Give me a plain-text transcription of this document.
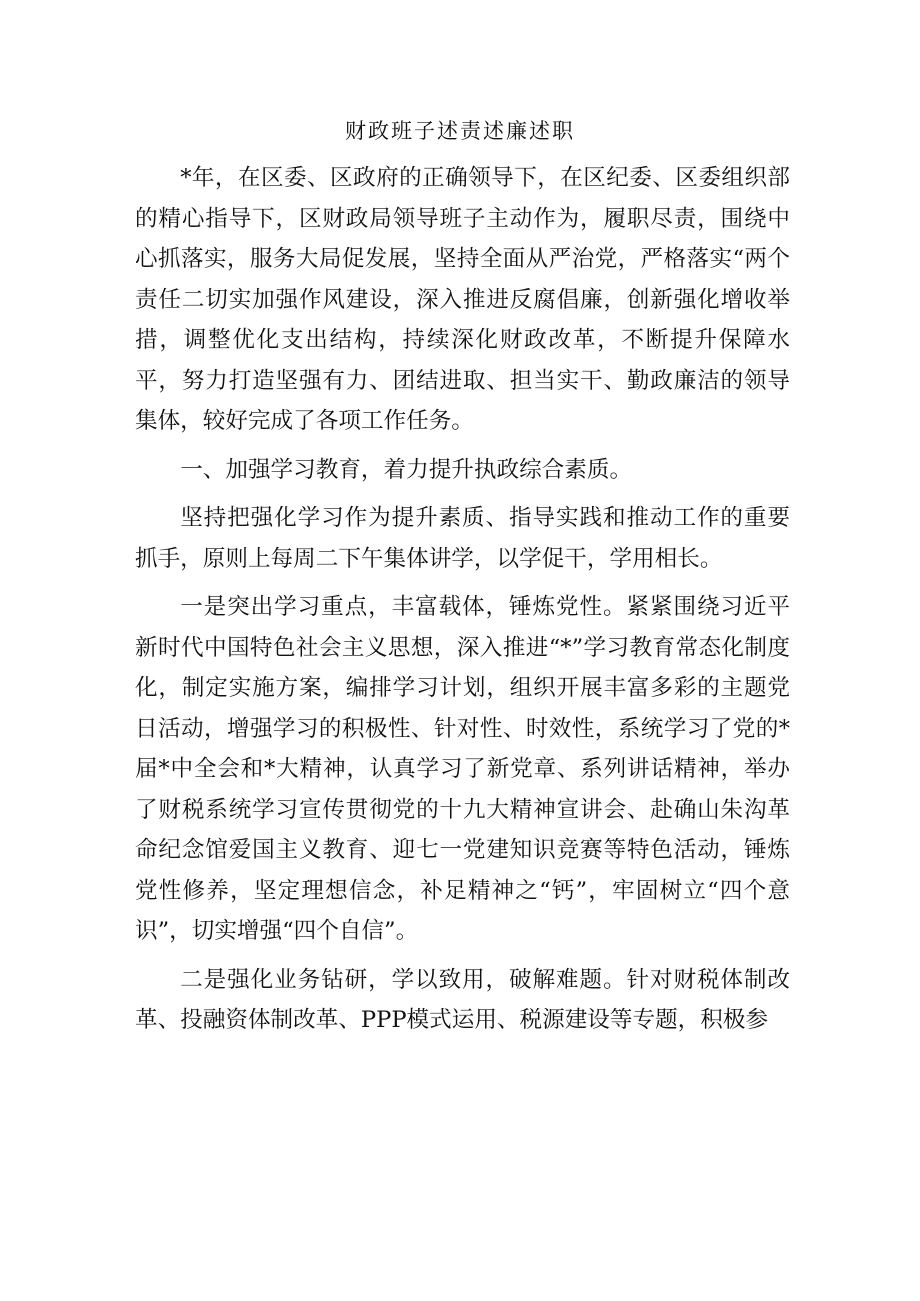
财政班子述责述廉述职

*年，在区委、区政府的正确领导下，在区纪委、区委组织部的精心指导下，区财政局领导班子主动作为，履职尽责，围绕中心抓落实，服务大局促发展，坚持全面从严治党，严格落实“两个责任二切实加强作风建设，深入推进反腐倡廉，创新强化增收举措，调整优化支出结构，持续深化财政改革，不断提升保障水平，努力打造坚强有力、团结进取、担当实干、勤政廉洁的领导集体，较好完成了各项工作任务。

一、加强学习教育，着力提升执政综合素质。

坚持把强化学习作为提升素质、指导实践和推动工作的重要抓手，原则上每周二下午集体讲学，以学促干，学用相长。

一是突出学习重点，丰富载体，锤炼党性。紧紧围绕习近平新时代中国特色社会主义思想，深入推进“*”学习教育常态化制度化，制定实施方案，编排学习计划，组织开展丰富多彩的主题党日活动，增强学习的积极性、针对性、时效性，系统学习了党的*届*中全会和*大精神，认真学习了新党章、系列讲话精神，举办了财税系统学习宣传贯彻党的十九大精神宣讲会、赴确山朱沟革命纪念馆爱国主义教育、迎七一党建知识竞赛等特色活动，锤炼党性修养，坚定理想信念，补足精神之“钙”，牢固树立“四个意识”，切实增强“四个自信”。

二是强化业务钻研，学以致用，破解难题。针对财税体制改革、投融资体制改革、PPP模式运用、税源建设等专题，积极参
